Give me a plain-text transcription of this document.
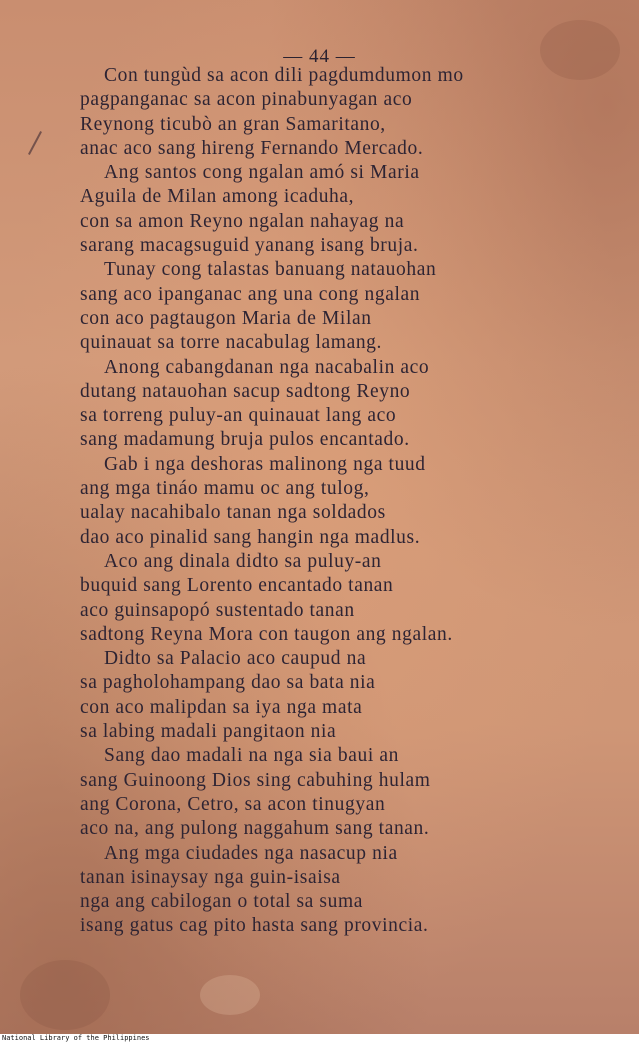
— 44 —
Con tungùd sa acon dili pagdumdumon mo
pagpanganac sa acon pinabunyagan aco
Reynong ticubò an gran Samaritano,
anac aco sang hireng Fernando Mercado.
Ang santos cong ngalan amó si Maria
Aguila de Milan among icaduha,
con sa amon Reyno ngalan nahayag na
sarang macagsuguid yanang isang bruja.
Tunay cong talastas banuang natauohan
sang aco ipanganac ang una cong ngalan
con aco pagtaugon Maria de Milan
quinauat sa torre nacabulag lamang.
Anong cabangdanan nga nacabalin aco
dutang natauohan sacup sadtong Reyno
sa torreng puluy-an quinauat lang aco
sang madamung bruja pulos encantado.
Gab i nga deshoras malinong nga tuud
ang mga tináo mamu oc ang tulog,
ualay nacahibalo tanan nga soldados
dao aco pinalid sang hangin nga madlus.
Aco ang dinala didto sa puluy-an
buquid sang Lorento encantado tanan
aco guinsapopó sustentado tanan
sadtong Reyna Mora con taugon ang ngalan.
Didto sa Palacio aco caupud na
sa pagholohampang dao sa bata nia
con aco malipdan sa iya nga mata
sa labing madali pangitaon nia
Sang dao madali na nga sia baui an
sang Guinoong Dios sing cabuhing hulam
ang Corona, Cetro, sa acon tinugyan
aco na, ang pulong naggahum sang tanan.
Ang mga ciudades nga nasacup nia
tanan isinaysay nga guin-isaisa
nga ang cabilogan o total sa suma
isang gatus cag pito hasta sang provincia.
National Library of the Philippines
